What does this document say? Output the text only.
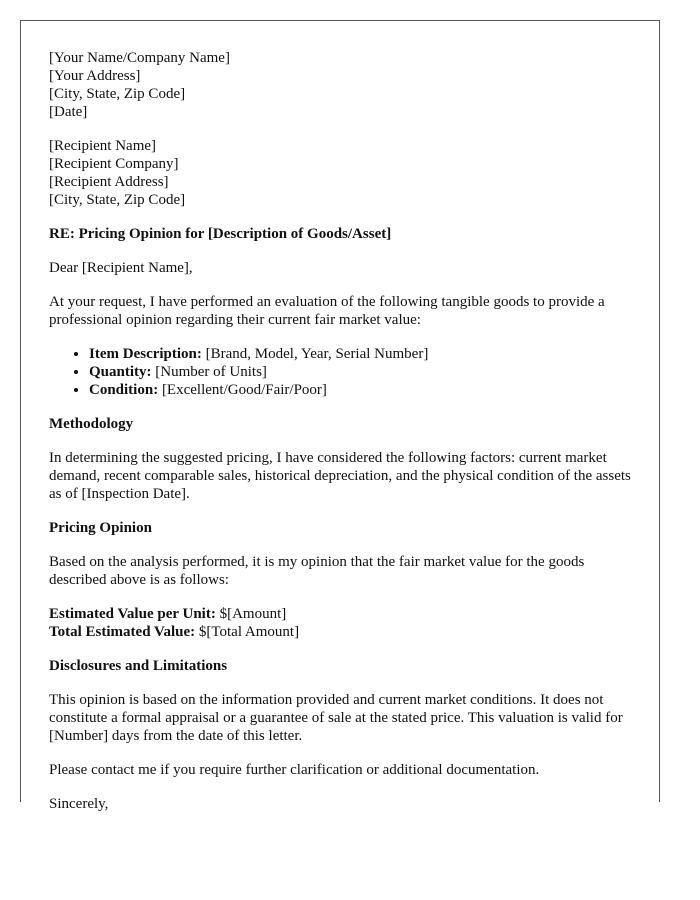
[Your Name/Company Name]
[Your Address]
[City, State, Zip Code]
[Date]
[Recipient Name]
[Recipient Company]
[Recipient Address]
[City, State, Zip Code]

RE: Pricing Opinion for [Description of Goods/Asset]

Dear [Recipient Name],

At your request, I have performed an evaluation of the following tangible goods to provide a professional opinion regarding their current fair market value:

• Item Description: [Brand, Model, Year, Serial Number]
• Quantity: [Number of Units]
• Condition: [Excellent/Good/Fair/Poor]
Methodology

In determining the suggested pricing, I have considered the following factors: current market demand, recent comparable sales, historical depreciation, and the physical condition of the assets as of [Inspection Date].

Pricing Opinion

Based on the analysis performed, it is my opinion that the fair market value for the goods described above is as follows:

Estimated Value per Unit: $[Amount]
Total Estimated Value: $[Total Amount]
Disclosures and Limitations

This opinion is based on the information provided and current market conditions. It does not constitute a formal appraisal or a guarantee of sale at the stated price. This valuation is valid for [Number] days from the date of this letter.

Please contact me if you require further clarification or additional documentation.

Sincerely,
